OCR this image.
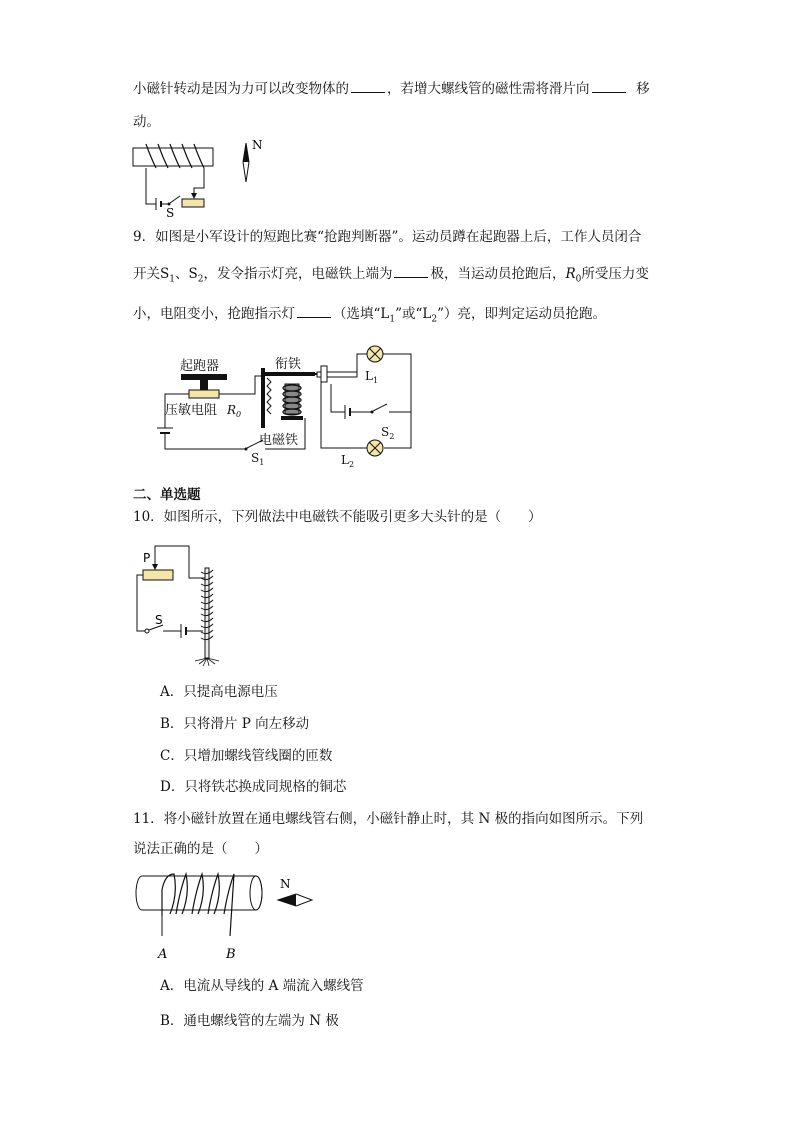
小磁针转动是因为力可以改变物体的	，若增大螺线管的磁性需将滑片向	移
动。
S
N
9．如图是小军设计的短跑比赛“抢跑判断器”。运动员蹲在起跑器上后，工作人员闭合
开关$S_1$、$S_2$，发令指示灯亮，电磁铁上端为	极，当运动员抢跑后，$R_0$所受压力变
小，电阻变小，抢跑指示灯	（选填“$L_1$”或“$L_2$”）亮，即判定运动员抢跑。
起跑器	衔铁
压敏电阻
电磁铁
$R_0$
$S_1$
$S_2$
$L_1$
$L_2$
二、单选题
10．如图所示，下列做法中电磁铁不能吸引更多大头针的是（　　）
P
S
A．只提高电源电压
B．只将滑片 P 向左移动
C．只增加螺线管线圈的匝数
D．只将铁芯换成同规格的铜芯
11．将小磁针放置在通电螺线管右侧，小磁针静止时，其 N 极的指向如图所示。下列
说法正确的是（　　）
A	B
N
A．电流从导线的 A 端流入螺线管
B．通电螺线管的左端为 N 极
